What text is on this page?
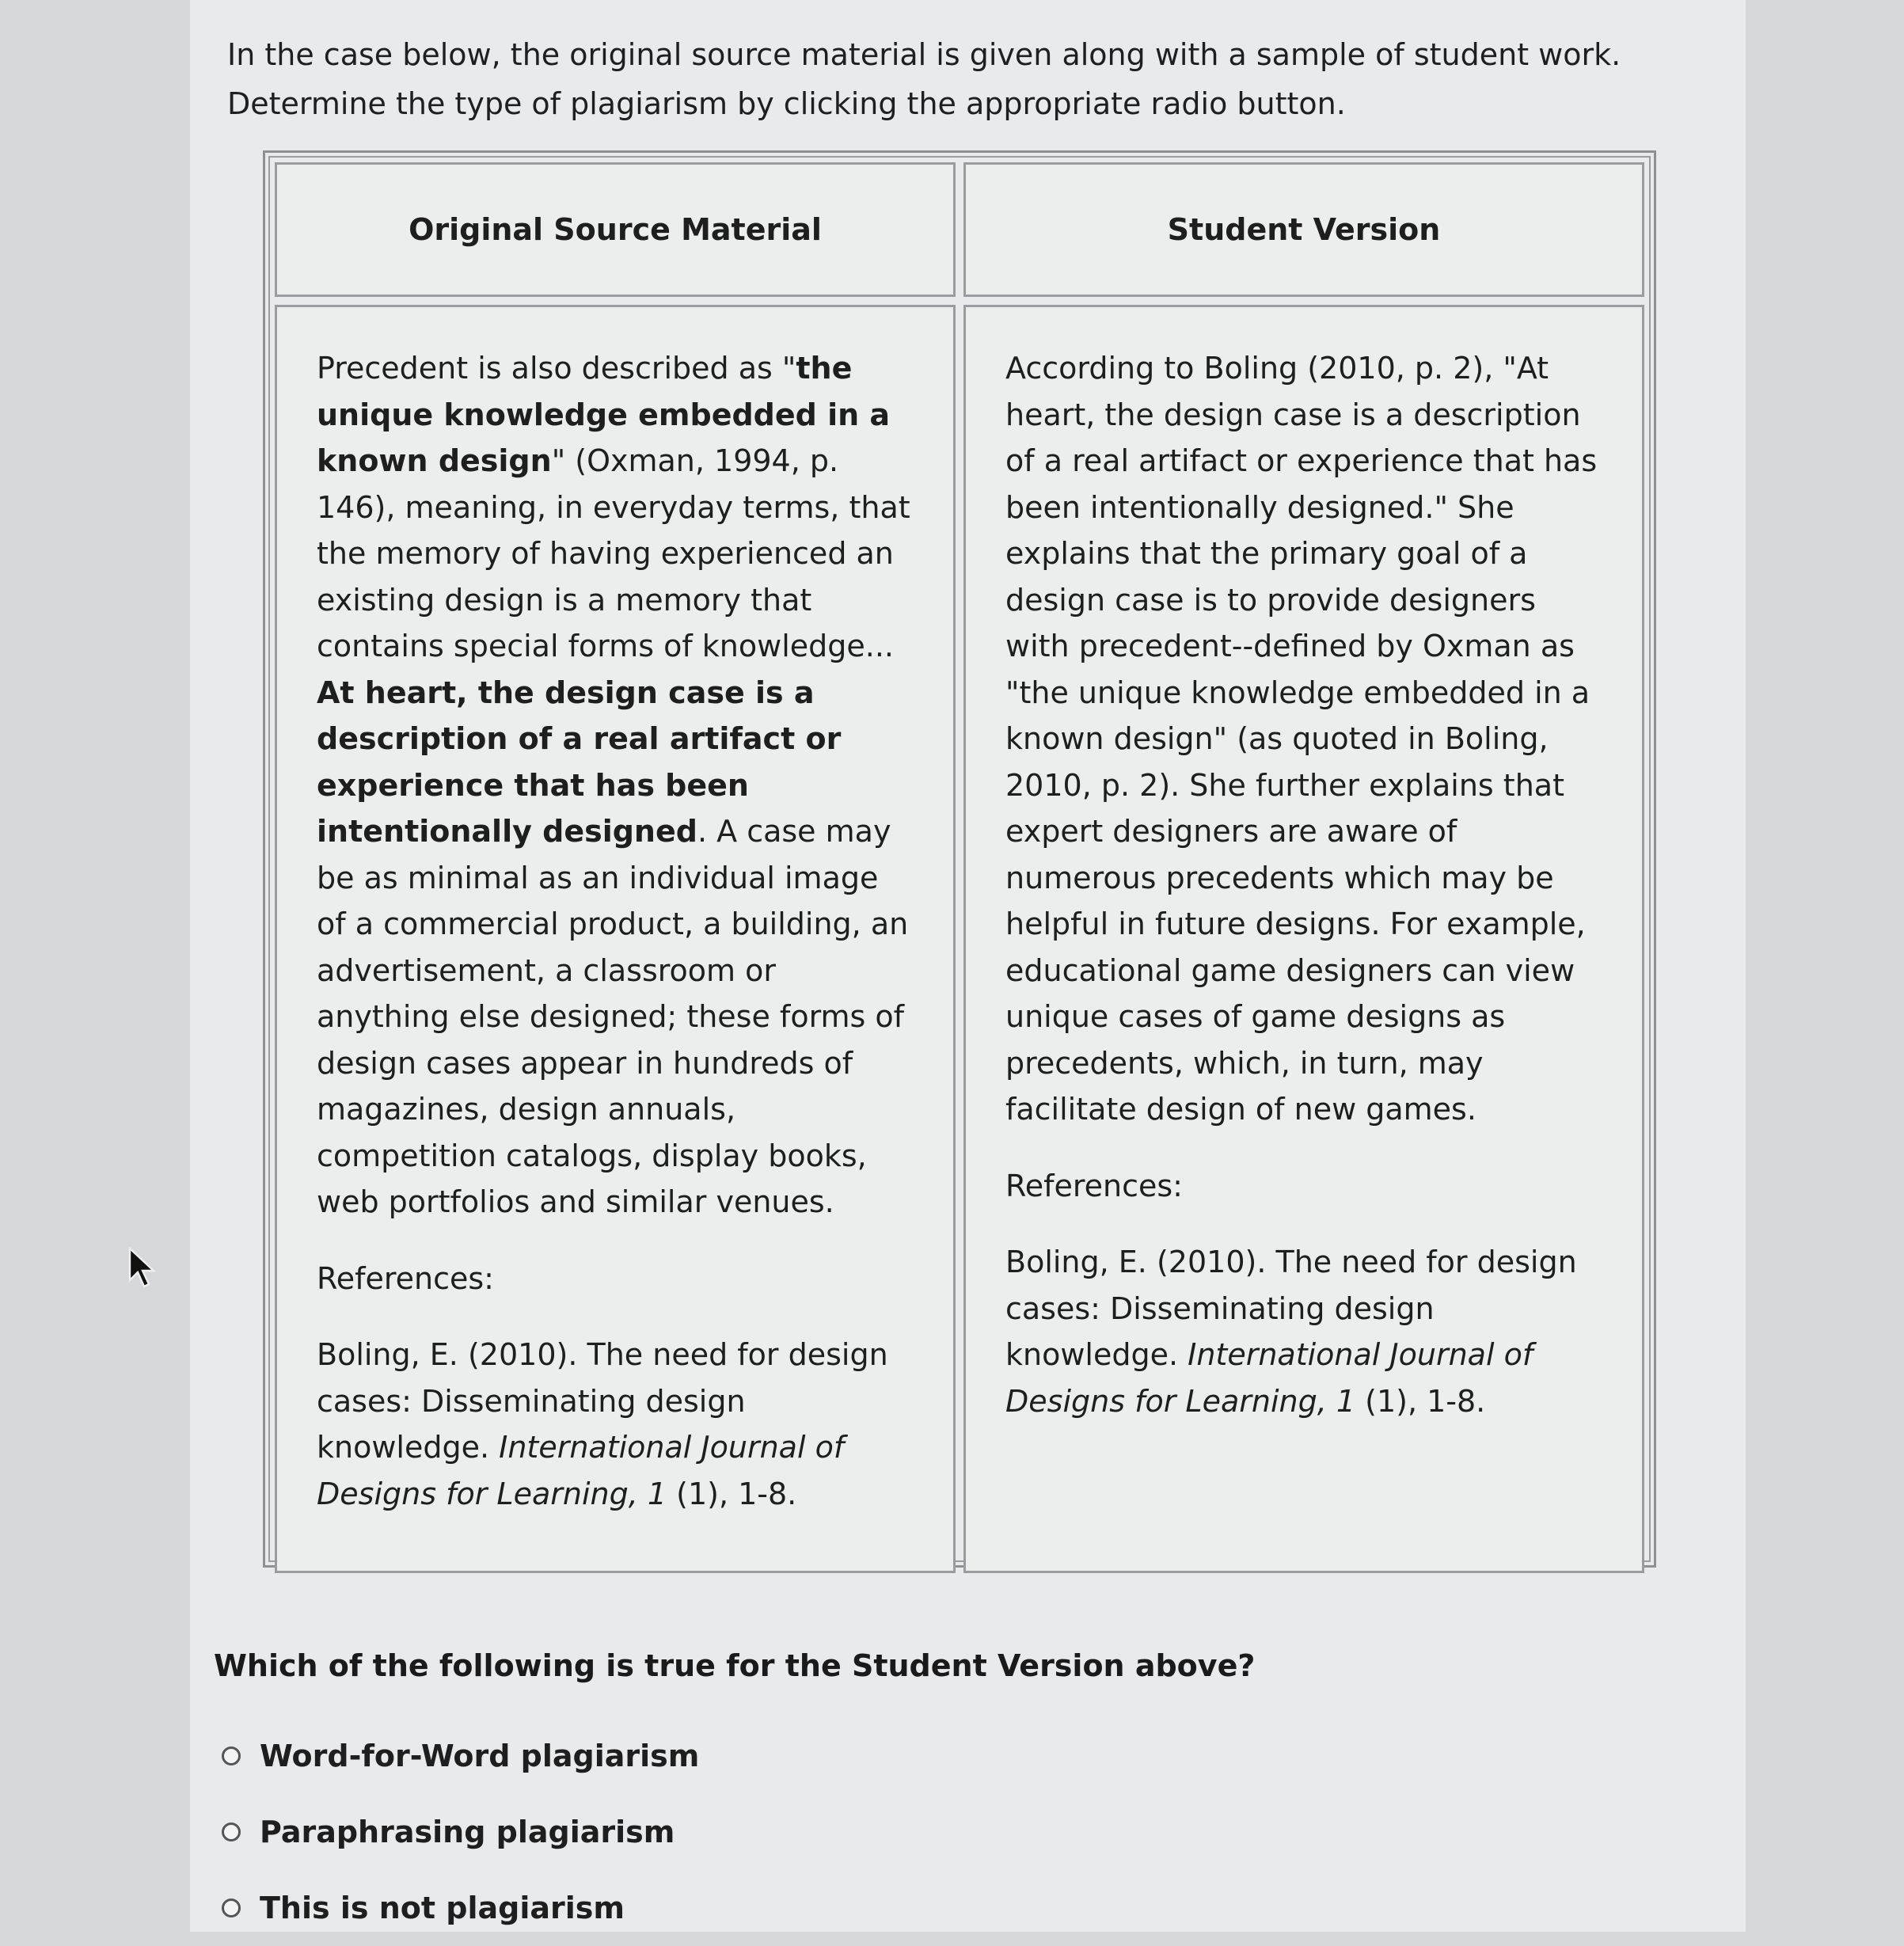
In the case below, the original source material is given along with a sample of student work.
Determine the type of plagiarism by clicking the appropriate radio button.
Original Source Material	Student Version

Precedent is also described as "the unique knowledge embedded in a known design" (Oxman, 1994, p. 146), meaning, in everyday terms, that the memory of having experienced an existing design is a memory that contains special forms of knowledge... At heart, the design case is a description of a real artifact or experience that has been intentionally designed. A case may be as minimal as an individual image of a commercial product, a building, an advertisement, a classroom or anything else designed; these forms of design cases appear in hundreds of magazines, design annuals, competition catalogs, display books, web portfolios and similar venues.

References:

Boling, E. (2010). The need for design cases: Disseminating design knowledge. International Journal of Designs for Learning, 1 (1), 1-8.

According to Boling (2010, p. 2), "At heart, the design case is a description of a real artifact or experience that has been intentionally designed." She explains that the primary goal of a design case is to provide designers with precedent--defined by Oxman as "the unique knowledge embedded in a known design" (as quoted in Boling, 2010, p. 2). She further explains that expert designers are aware of numerous precedents which may be helpful in future designs. For example, educational game designers can view unique cases of game designs as precedents, which, in turn, may facilitate design of new games.

References:

Boling, E. (2010). The need for design cases: Disseminating design knowledge. International Journal of Designs for Learning, 1 (1), 1-8.

Which of the following is true for the Student Version above?
Word-for-Word plagiarism
Paraphrasing plagiarism
This is not plagiarism
